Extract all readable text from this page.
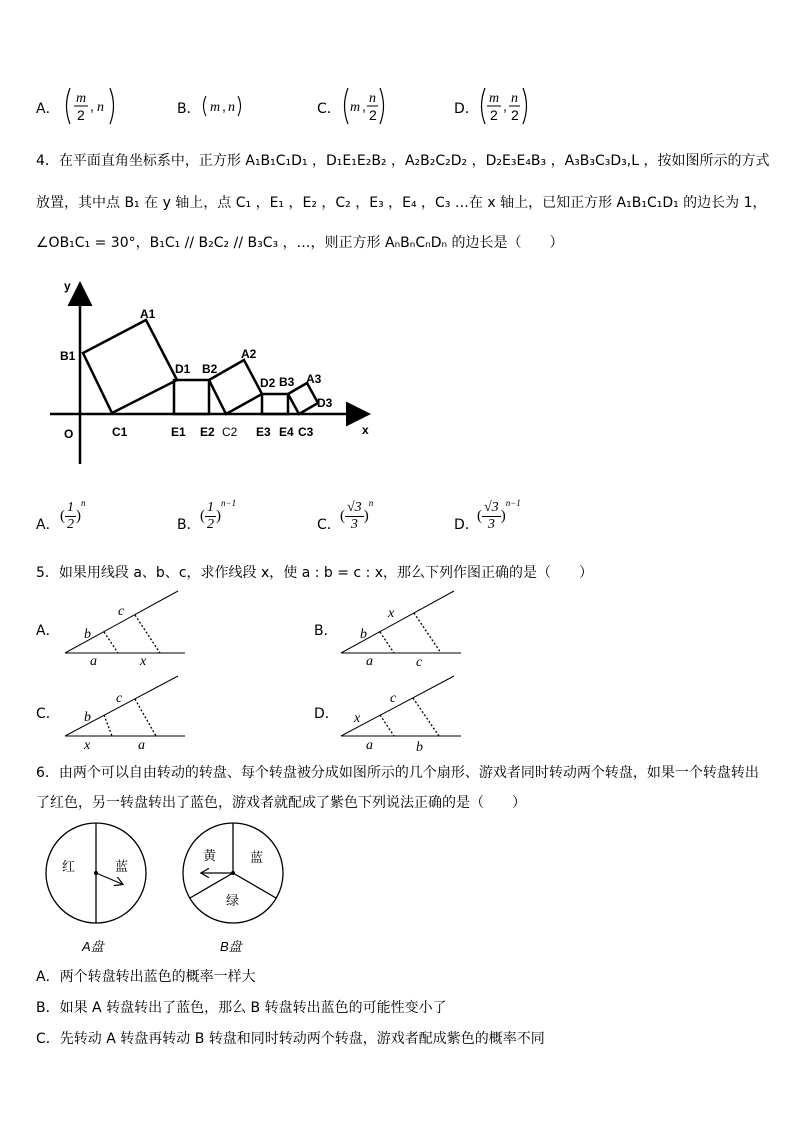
A．
m
2
, n	B． m , n	C． m , n
2	D．
m
2
, n
2
4．在平面直角坐标系中，正方形 A₁B₁C₁D₁ ，D₁E₁E₂B₂ ，A₂B₂C₂D₂ ，D₂E₃E₄B₃ ，A₃B₃C₃D₃,L ，按如图所示的方式
放置，其中点 B₁ 在 y 轴上，点 C₁ ，E₁ ，E₂ ，C₂ ，E₃ ，E₄ ，C₃ …在 x 轴上，已知正方形 A₁B₁C₁D₁ 的边长为 1，
∠OB₁C₁ = 30°，B₁C₁ // B₂C₂ // B₃C₃ ，…，则正方形 AₙBₙCₙDₙ 的边长是（　　）
y
x
O
A1
B1
C1
D1
E1 E2
B2
A2
C2
D2
E3
B3
E4
A3
D3
C3
A．
( $\frac{1}{2} )^n$
B．
( $\frac{1}{2} )^{n-1}$
C．
( $\frac{√3}{3} )^n$
D．
( $\frac{√3}{3} )^{n-1}$
5．如果用线段 a、b、c，求作线段 x，使 a : b = c : x，那么下列作图正确的是（　　）
A． b
c
a	x
B． b
x
a	c
C． b
c
x	a
D． x
c
a	b
6．由两个可以自由转动的转盘、每个转盘被分成如图所示的几个扇形、游戏者同时转动两个转盘，如果一个转盘转出
了红色，另一转盘转出了蓝色，游戏者就配成了紫色下列说法正确的是（　　）
红	蓝
A盘
黄	蓝
绿
B盘
A．两个转盘转出蓝色的概率一样大
B．如果 A 转盘转出了蓝色，那么 B 转盘转出蓝色的可能性变小了
C．先转动 A 转盘再转动 B 转盘和同时转动两个转盘，游戏者配成紫色的概率不同
